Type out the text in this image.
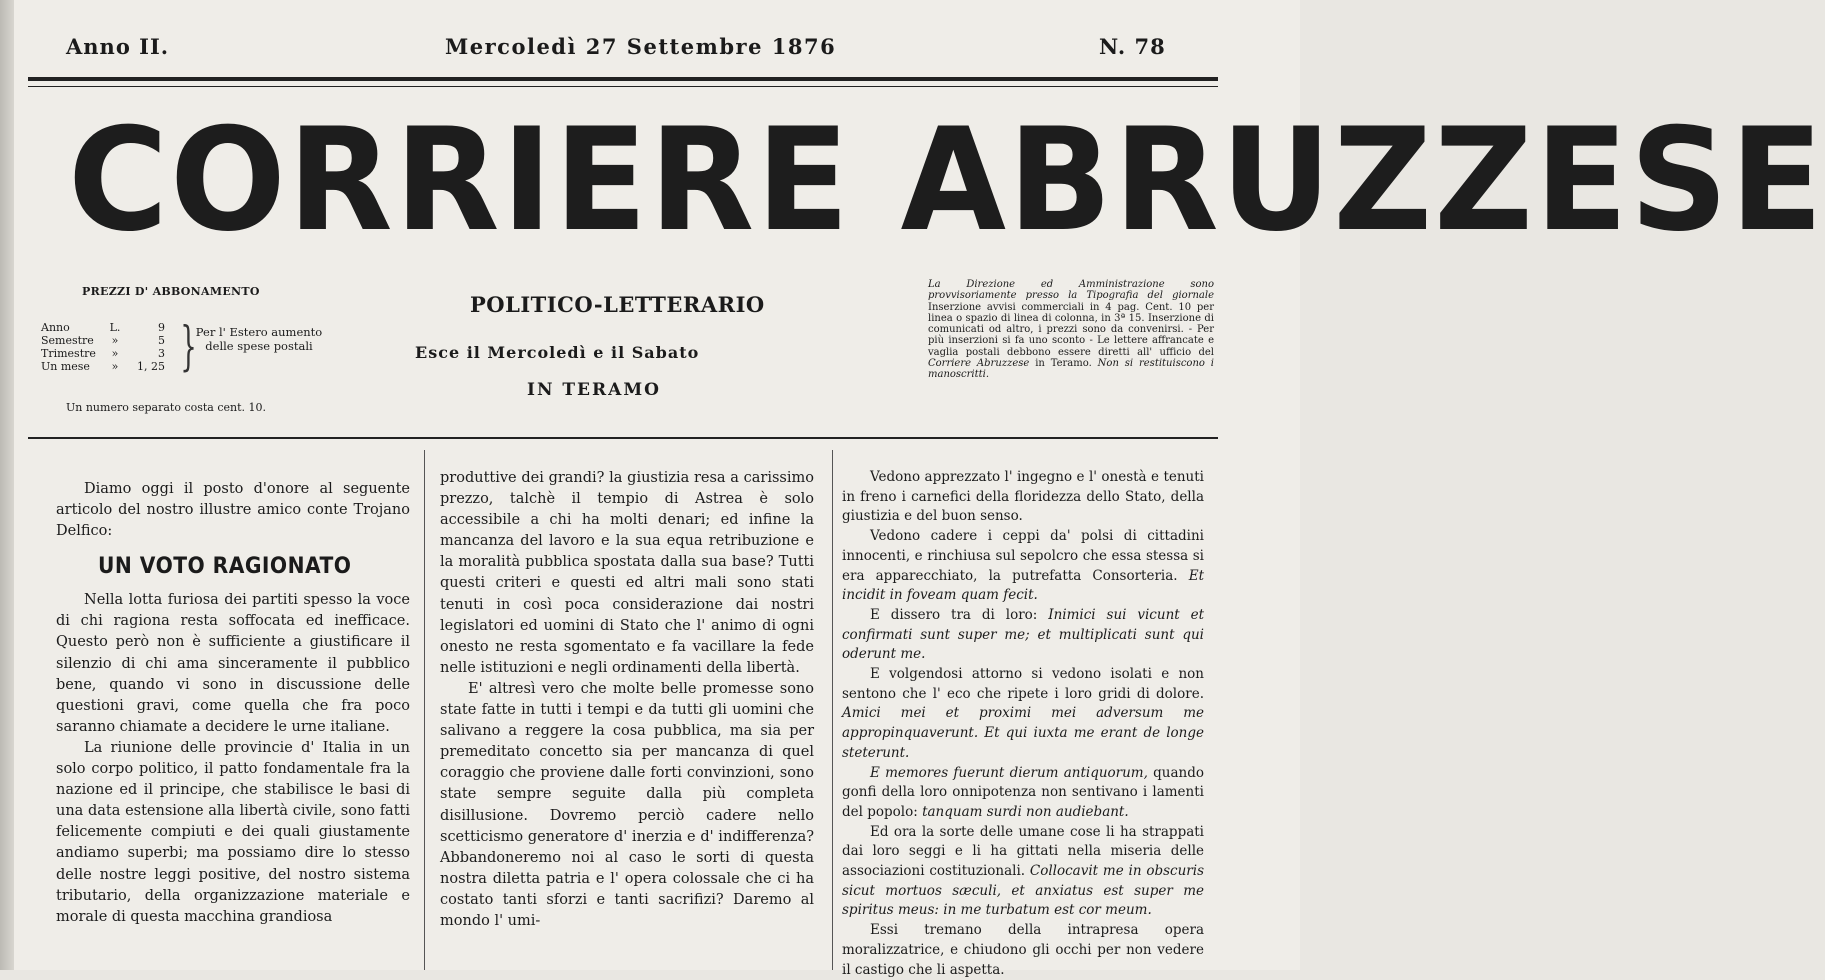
Anno II.	Mercoledì 27 Settembre 1876	N. 78
CORRIERE ABRUZZESE
PREZZI D' ABBONAMENTO
Anno	L.	9
Semestre	»	5
Trimestre	»	3
Un mese	»	1, 25 }
Per l' Estero aumento delle spese postali
Un numero separato costa cent. 10.
POLITICO-LETTERARIO
Esce il Mercoledì e il Sabato
IN TERAMO
La Direzione ed Amministrazione sono provvisoriamente presso la Tipografia del giornale Inserzione avvisi commerciali in 4 pag. Cent. 10 per linea o spazio di linea di colonna, in 3ª 15. Inserzione di comunicati od altro, i prezzi sono da convenirsi. - Per più inserzioni si fa uno sconto - Le lettere affrancate e vaglia postali debbono essere diretti all' ufficio del Corriere Abruzzese in Teramo. Non si restituiscono i manoscritti.

Diamo oggi il posto d'onore al seguente articolo del nostro illustre amico conte Trojano Delfico:

UN VOTO RAGIONATO

Nella lotta furiosa dei partiti spesso la voce di chi ragiona resta soffocata ed inefficace. Questo però non è sufficiente a giustificare il silenzio di chi ama sinceramente il pubblico bene, quando vi sono in discussione delle questioni gravi, come quella che fra poco saranno chiamate a decidere le urne italiane.

La riunione delle provincie d' Italia in un solo corpo politico, il patto fondamentale fra la nazione ed il principe, che stabilisce le basi di una data estensione alla libertà civile, sono fatti felicemente compiuti e dei quali giustamente andiamo superbi; ma possiamo dire lo stesso delle nostre leggi positive, del nostro sistema tributario, della organizzazione materiale e morale di questa macchina grandiosa

produttive dei grandi? la giustizia resa a carissimo prezzo, talchè il tempio di Astrea è solo accessibile a chi ha molti denari; ed infine la mancanza del lavoro e la sua equa retribuzione e la moralità pubblica spostata dalla sua base? Tutti questi criteri e questi ed altri mali sono stati tenuti in così poca considerazione dai nostri legislatori ed uomini di Stato che l' animo di ogni onesto ne resta sgomentato e fa vacillare la fede nelle istituzioni e negli ordinamenti della libertà.

E' altresì vero che molte belle promesse sono state fatte in tutti i tempi e da tutti gli uomini che salivano a reggere la cosa pubblica, ma sia per premeditato concetto sia per mancanza di quel coraggio che proviene dalle forti convinzioni, sono state sempre seguite dalla più completa disillusione. Dovremo perciò cadere nello scetticismo generatore d' inerzia e d' indifferenza? Abbandoneremo noi al caso le sorti di questa nostra diletta patria e l' opera colossale che ci ha costato tanti sforzi e tanti sacrifizi? Daremo al mondo l' umi-

Vedono apprezzato l' ingegno e l' onestà e tenuti in freno i carnefici della floridezza dello Stato, della giustizia e del buon senso.

Vedono cadere i ceppi da' polsi di cittadini innocenti, e rinchiusa sul sepolcro che essa stessa si era apparecchiato, la putrefatta Consorteria. Et incidit in foveam quam fecit.

E dissero tra di loro: Inimici sui vicunt et confirmati sunt super me; et multiplicati sunt qui oderunt me.

E volgendosi attorno si vedono isolati e non sentono che l' eco che ripete i loro gridi di dolore. Amici mei et proximi mei adversum me appropinquaverunt. Et qui iuxta me erant de longe steterunt.

E memores fuerunt dierum antiquorum, quando gonfi della loro onnipotenza non sentivano i lamenti del popolo: tanquam surdi non audiebant.

Ed ora la sorte delle umane cose li ha strappati dai loro seggi e li ha gittati nella miseria delle associazioni costituzionali. Collocavit me in obscuris sicut mortuos sæculi, et anxiatus est super me spiritus meus: in me turbatum est cor meum.

Essi tremano della intrapresa opera moralizzatrice, e chiudono gli occhi per non vedere il castigo che li aspetta.
